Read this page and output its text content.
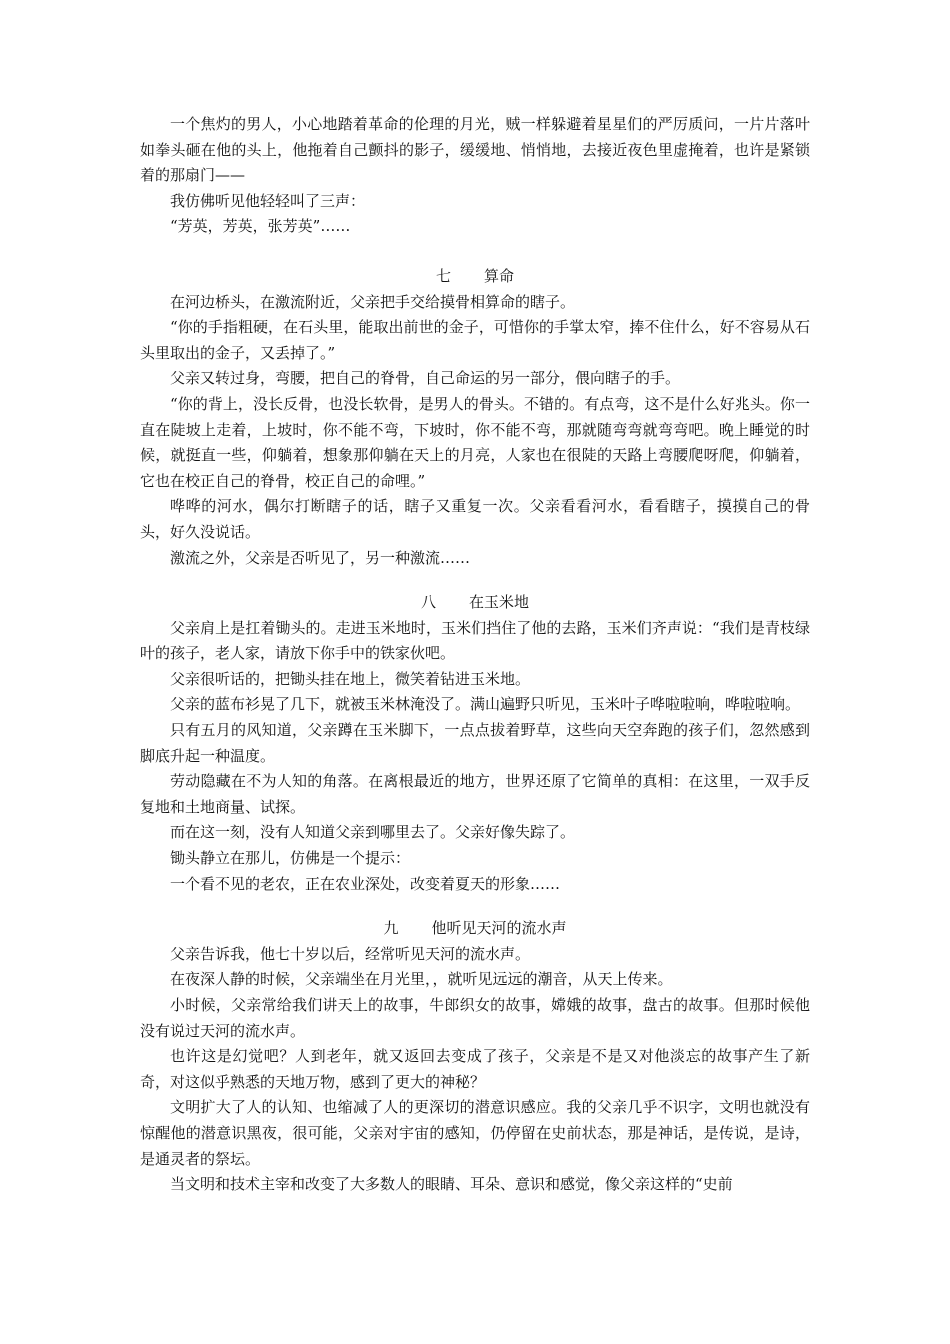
一个焦灼的男人，小心地踏着革命的伦理的月光，贼一样躲避着星星们的严厉质问，一片片落叶如拳头砸在他的头上，他拖着自己颤抖的影子，缓缓地、悄悄地，去接近夜色里虚掩着，也许是紧锁着的那扇门——

我仿佛听见他轻轻叫了三声：

“芳英，芳英，张芳英”……

七 算命

在河边桥头，在激流附近，父亲把手交给摸骨相算命的瞎子。

“你的手指粗硬，在石头里，能取出前世的金子，可惜你的手掌太窄，捧不住什么，好不容易从石头里取出的金子，又丢掉了。”

父亲又转过身，弯腰，把自己的脊骨，自己命运的另一部分，偎向瞎子的手。

“你的背上，没长反骨，也没长软骨，是男人的骨头。不错的。有点弯，这不是什么好兆头。你一直在陡坡上走着，上坡时，你不能不弯，下坡时，你不能不弯，那就随弯弯就弯弯吧。晚上睡觉的时候，就挺直一些，仰躺着，想象那仰躺在天上的月亮，人家也在很陡的天路上弯腰爬呀爬，仰躺着，它也在校正自己的脊骨，校正自己的命哩。”

哗哗的河水，偶尔打断瞎子的话，瞎子又重复一次。父亲看看河水，看看瞎子，摸摸自己的骨头，好久没说话。

激流之外，父亲是否听见了，另一种激流……

八 在玉米地

父亲肩上是扛着锄头的。走进玉米地时，玉米们挡住了他的去路，玉米们齐声说：“我们是青枝绿叶的孩子，老人家，请放下你手中的铁家伙吧。

父亲很听话的，把锄头挂在地上，微笑着钻进玉米地。

父亲的蓝布衫晃了几下，就被玉米林淹没了。满山遍野只听见，玉米叶子哗啦啦响，哗啦啦响。

只有五月的风知道，父亲蹲在玉米脚下，一点点拔着野草，这些向天空奔跑的孩子们，忽然感到脚底升起一种温度。

劳动隐藏在不为人知的角落。在离根最近的地方，世界还原了它简单的真相：在这里，一双手反复地和土地商量、试探。

而在这一刻，没有人知道父亲到哪里去了。父亲好像失踪了。

锄头静立在那儿，仿佛是一个提示：

一个看不见的老农，正在农业深处，改变着夏天的形象……

九 他听见天河的流水声

父亲告诉我，他七十岁以后，经常听见天河的流水声。

在夜深人静的时候，父亲端坐在月光里，，就听见远远的潮音，从天上传来。

小时候，父亲常给我们讲天上的故事，牛郎织女的故事，嫦娥的故事，盘古的故事。但那时候他没有说过天河的流水声。

也许这是幻觉吧？人到老年，就又返回去变成了孩子，父亲是不是又对他淡忘的故事产生了新奇，对这似乎熟悉的天地万物，感到了更大的神秘？

文明扩大了人的认知、也缩减了人的更深切的潜意识感应。我的父亲几乎不识字，文明也就没有惊醒他的潜意识黑夜，很可能，父亲对宇宙的感知，仍停留在史前状态，那是神话，是传说，是诗，是通灵者的祭坛。

当文明和技术主宰和改变了大多数人的眼睛、耳朵、意识和感觉，像父亲这样的“史前
